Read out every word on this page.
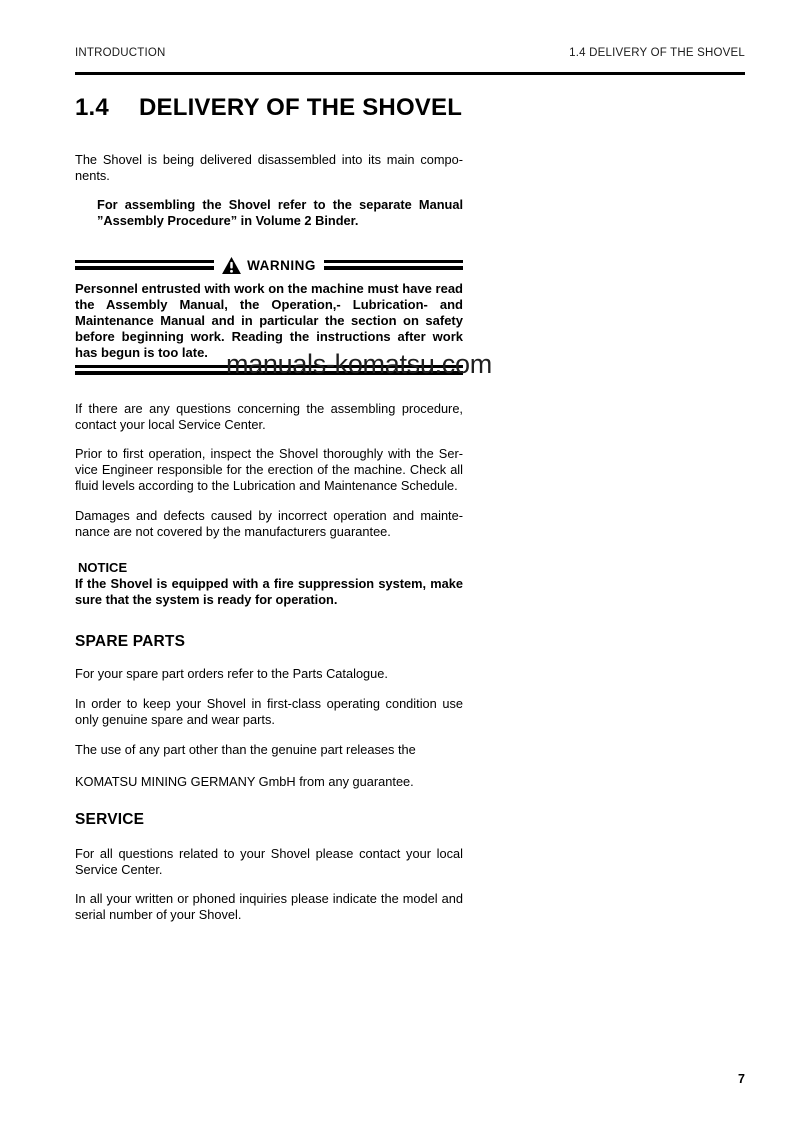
INTRODUCTION	1.4 DELIVERY OF THE SHOVEL
1.4 DELIVERY OF THE SHOVEL

The Shovel is being delivered disassembled into its main components.

For assembling the Shovel refer to the separate Manual ”Assembly Procedure” in Volume 2 Binder.

WARNING

Personnel entrusted with work on the machine must have read the Assembly Manual, the Operation,- Lubrication- and Maintenance Manual and in particular the section on safety before beginning work. Reading the instructions after work has begun is too late.

If there are any questions concerning the assembling procedure, contact your local Service Center.

Prior to first operation, inspect the Shovel thoroughly with the Service Engineer responsible for the erection of the machine. Check all fluid levels according to the Lubrication and Maintenance Schedule.

Damages and defects caused by incorrect operation and maintenance are not covered by the manufacturers guarantee.

NOTICE

If the Shovel is equipped with a fire suppression system, make sure that the system is ready for operation.

SPARE PARTS

For your spare part orders refer to the Parts Catalogue.

In order to keep your Shovel in first-class operating condition use only genuine spare and wear parts.

The use of any part other than the genuine part releases the

KOMATSU MINING GERMANY GmbH from any guarantee.

SERVICE

For all questions related to your Shovel please contact your local Service Center.

In all your written or phoned inquiries please indicate the model and serial number of your Shovel.

manuals-komatsu.com
7
